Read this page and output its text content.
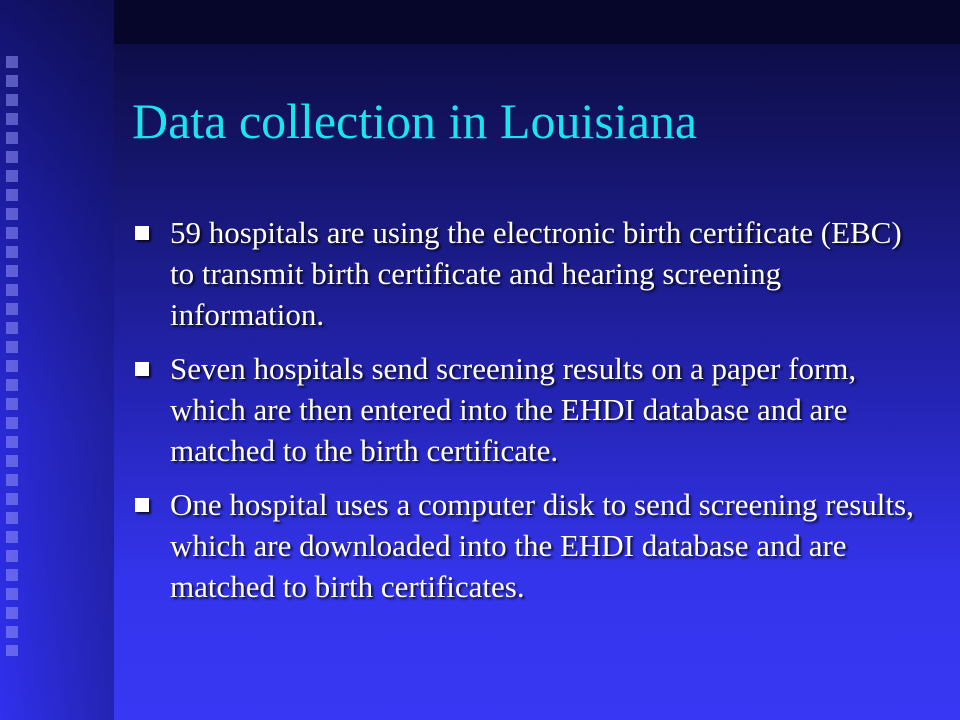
Data collection in Louisiana
59 hospitals are using the electronic birth certificate (EBC) to transmit birth certificate and hearing screening information.
Seven hospitals send screening results on a paper form, which are then entered into the EHDI database and are matched to the birth certificate.
One hospital uses a computer disk to send screening results, which are downloaded into the EHDI database and are matched to birth certificates.
